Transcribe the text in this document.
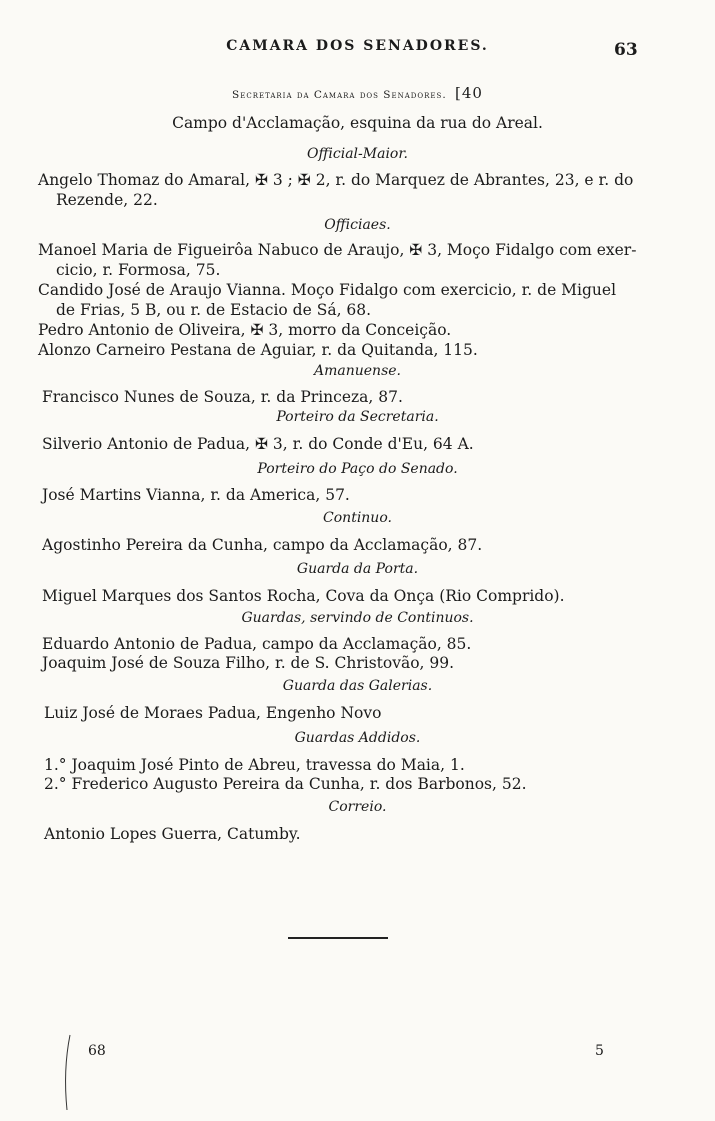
CAMARA DOS SENADORES.	63
Secretaria da Camara dos Senadores. [40
Campo d'Acclamação, esquina da rua do Areal.
Official-Maior.
Angelo Thomaz do Amaral, ✠ 3 ; ✠ 2, r. do Marquez de Abrantes, 23, e r. do
Rezende, 22.
Officiaes.
Manoel Maria de Figueirôa Nabuco de Araujo, ✠ 3, Moço Fidalgo com exer-
cicio, r. Formosa, 75.
Candido José de Araujo Vianna. Moço Fidalgo com exercicio, r. de Miguel
de Frias, 5 B, ou r. de Estacio de Sá, 68.
Pedro Antonio de Oliveira, ✠ 3, morro da Conceição.
Alonzo Carneiro Pestana de Aguiar, r. da Quitanda, 115.
Amanuense.
Francisco Nunes de Souza, r. da Princeza, 87.
Porteiro da Secretaria.
Silverio Antonio de Padua, ✠ 3, r. do Conde d'Eu, 64 A.
Porteiro do Paço do Senado.
José Martins Vianna, r. da America, 57.
Continuo.
Agostinho Pereira da Cunha, campo da Acclamação, 87.
Guarda da Porta.
Miguel Marques dos Santos Rocha, Cova da Onça (Rio Comprido).
Guardas, servindo de Continuos.
Eduardo Antonio de Padua, campo da Acclamação, 85.
Joaquim José de Souza Filho, r. de S. Christovão, 99.
Guarda das Galerias.
Luiz José de Moraes Padua, Engenho Novo
Guardas Addidos.
1.° Joaquim José Pinto de Abreu, travessa do Maia, 1.
2.° Frederico Augusto Pereira da Cunha, r. dos Barbonos, 52.
Correio.
Antonio Lopes Guerra, Catumby.
68	5
